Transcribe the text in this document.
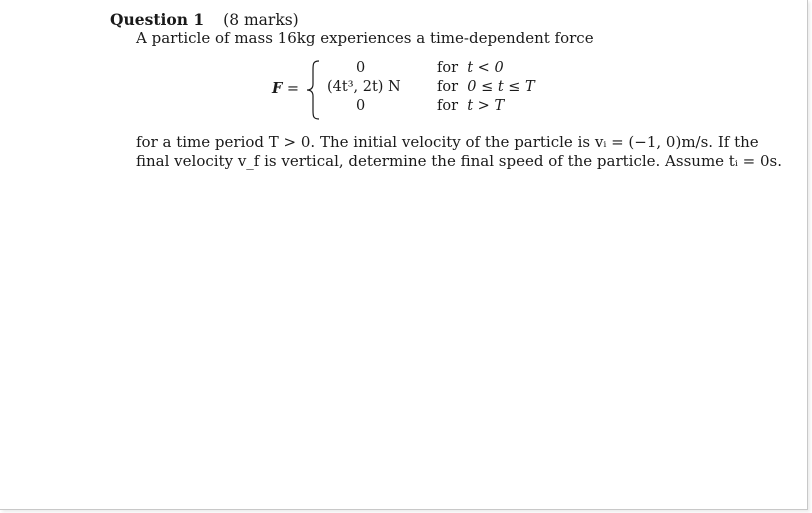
Question 1 (8 marks)
A particle of mass 16kg experiences a time-dependent force
F =
0	for t < 0
(4t³, 2t) N	for 0 ≤ t ≤ T
0	for t > T
for a time period T > 0. The initial velocity of the particle is vᵢ = (−1, 0)m/s. If the
final velocity v_f is vertical, determine the final speed of the particle. Assume tᵢ = 0s.
